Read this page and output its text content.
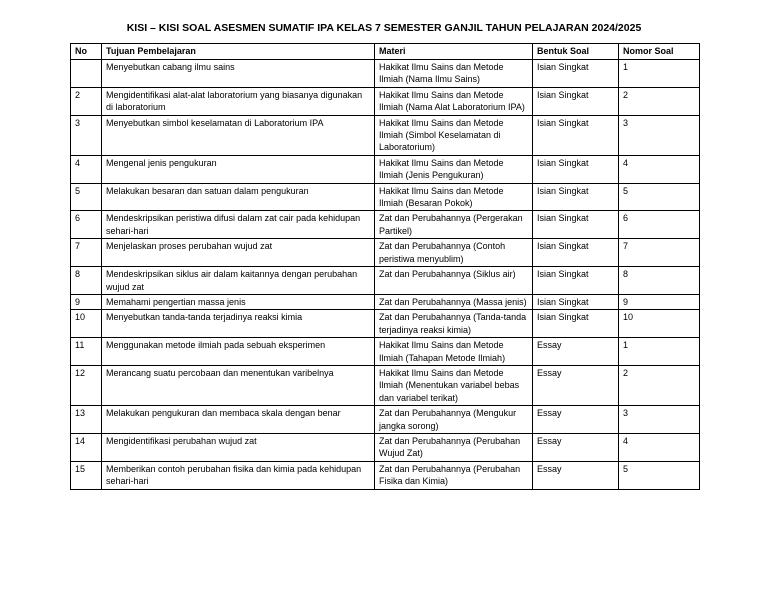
KISI – KISI SOAL ASESMEN SUMATIF IPA KELAS 7 SEMESTER GANJIL TAHUN PELAJARAN 2024/2025
No	Tujuan Pembelajaran	Materi	Bentuk Soal	Nomor Soal
	Menyebutkan cabang ilmu sains	Hakikat Ilmu Sains dan Metode Ilmiah (Nama Ilmu Sains)	Isian Singkat	1
2	Mengidentifikasi alat-alat laboratorium yang biasanya digunakan di laboratorium	Hakikat Ilmu Sains dan Metode Ilmiah (Nama Alat Laboratorium IPA)	Isian Singkat	2
3	Menyebutkan simbol keselamatan di Laboratorium IPA	Hakikat Ilmu Sains dan Metode Ilmiah (Simbol Keselamatan di Laboratorium)	Isian Singkat	3
4	Mengenal jenis pengukuran	Hakikat Ilmu Sains dan Metode Ilmiah (Jenis Pengukuran)	Isian Singkat	4
5	Melakukan besaran dan satuan dalam pengukuran	Hakikat Ilmu Sains dan Metode Ilmiah (Besaran Pokok)	Isian Singkat	5
6	Mendeskripsikan peristiwa difusi dalam zat cair pada kehidupan sehari-hari	Zat dan Perubahannya (Pergerakan Partikel)	Isian Singkat	6
7	Menjelaskan proses perubahan wujud zat	Zat dan Perubahannya (Contoh peristiwa menyublim)	Isian Singkat	7
8	Mendeskripsikan siklus air dalam kaitannya dengan perubahan wujud zat	Zat dan Perubahannya (Siklus air)	Isian Singkat	8
9	Memahami pengertian massa jenis	Zat dan Perubahannya (Massa jenis)	Isian Singkat	9
10	Menyebutkan tanda-tanda terjadinya reaksi kimia	Zat dan Perubahannya (Tanda-tanda terjadinya reaksi kimia)	Isian Singkat	10
11	Menggunakan metode ilmiah pada sebuah eksperimen	Hakikat Ilmu Sains dan Metode Ilmiah (Tahapan Metode Ilmiah)	Essay	1
12	Merancang suatu percobaan dan menentukan varibelnya	Hakikat Ilmu Sains dan Metode Ilmiah (Menentukan variabel bebas dan variabel terikat)	Essay	2
13	Melakukan pengukuran dan membaca skala dengan benar	Zat dan Perubahannya (Mengukur jangka sorong)	Essay	3
14	Mengidentifikasi perubahan wujud zat	Zat dan Perubahannya (Perubahan Wujud Zat)	Essay	4
15	Memberikan contoh perubahan fisika dan kimia pada kehidupan sehari-hari	Zat dan Perubahannya (Perubahan Fisika dan Kimia)	Essay	5
